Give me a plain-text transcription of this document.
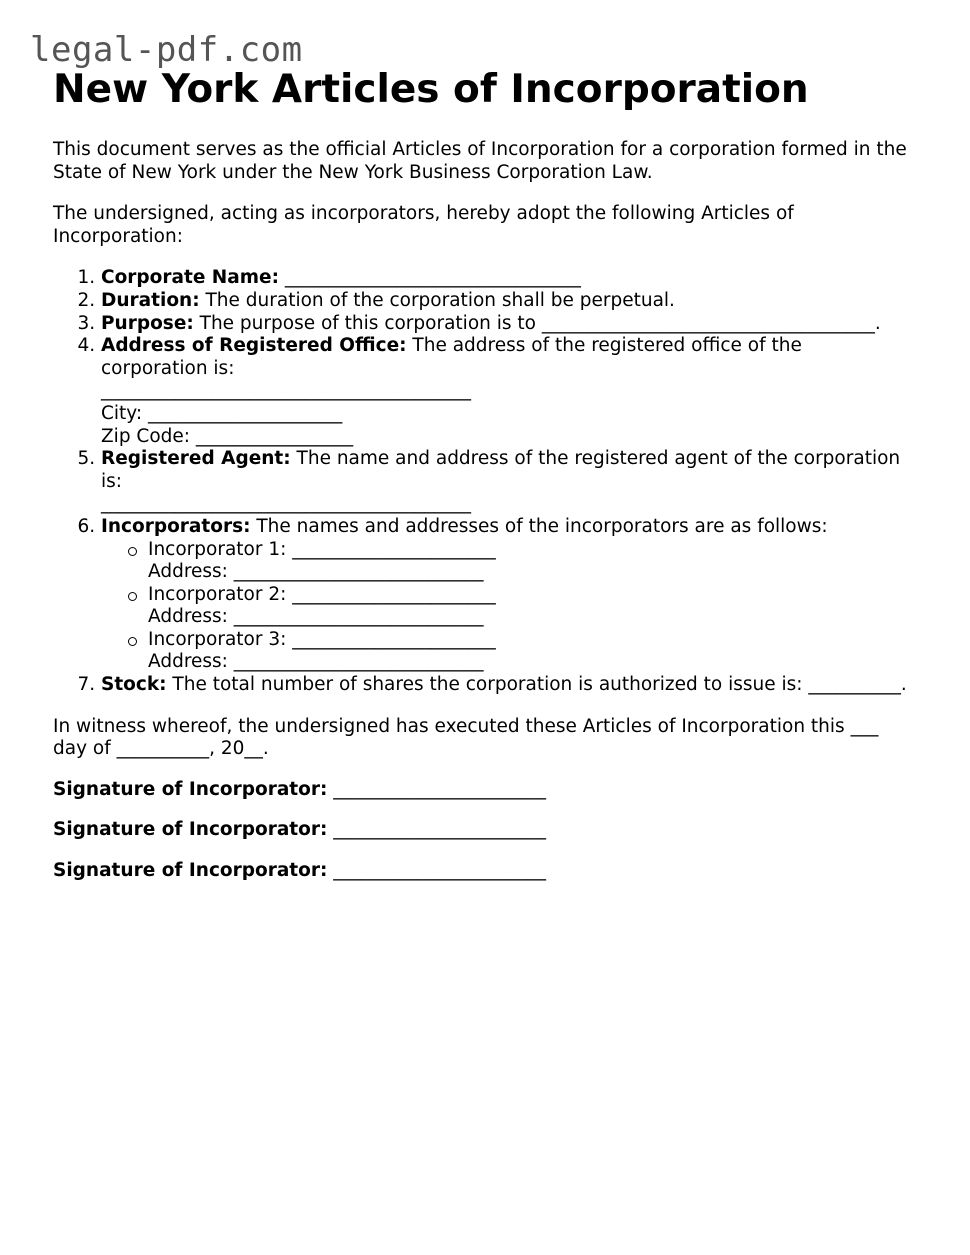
legal-pdf.com
New York Articles of Incorporation

This document serves as the official Articles of Incorporation for a corporation formed in the State of New York under the New York Business Corporation Law.

The undersigned, acting as incorporators, hereby adopt the following Articles of Incorporation:

1. Corporate Name: ________________________________
2. Duration: The duration of the corporation shall be perpetual.
3. Purpose: The purpose of this corporation is to ____________________________________.
4. Address of Registered Office: The address of the registered office of the corporation is:
________________________________________
City: _____________________
Zip Code: _________________
5. Registered Agent: The name and address of the registered agent of the corporation is:
________________________________________
6. Incorporators: The names and addresses of the incorporators are as follows:
Incorporator 1: ______________________
Address: ___________________________
Incorporator 2: ______________________
Address: ___________________________
Incorporator 3: ______________________
Address: ___________________________
7. Stock: The total number of shares the corporation is authorized to issue is: __________.

In witness whereof, the undersigned has executed these Articles of Incorporation this ___ day of __________, 20__.

Signature of Incorporator: _______________________

Signature of Incorporator: _______________________

Signature of Incorporator: _______________________
